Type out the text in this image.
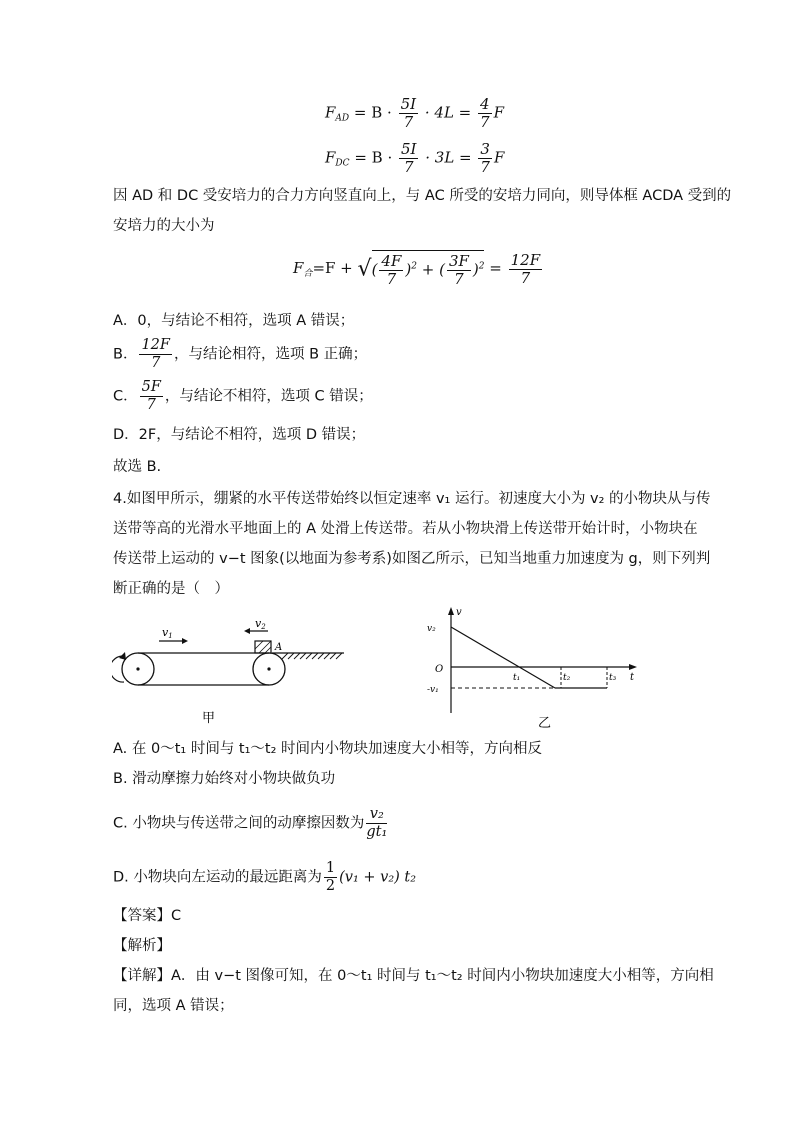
$F_{AD} = B \cdot \frac{5I}{7} \cdot 4L = \frac{4}{7}$ F
$F_{DC} = B \cdot \frac{5I}{7} \cdot 3L = \frac{3}{7}$ F
因 AD 和 DC 受安培力的合力方向竖直向上，与 AC 所受的安培力同向，则导体框 ACDA 受到的
安培力的大小为
$F_合=F$ + √( $\frac{4F}{7} )^2$ + ( $\frac{3F}{7} )^2 = \frac{12F}{7}$
A．0，与结论不相符，选项 A 错误；
B． $\frac{12F}{7}$ ，与结论相符，选项 B 正确；
C． $\frac{5F}{7}$ ，与结论不相符，选项 C 错误；
D．2F，与结论不相符，选项 D 错误；
故选 B.
4.如图甲所示，绷紧的水平传送带始终以恒定速率 v₁ 运行。初速度大小为 v₂ 的小物块从与传
送带等高的光滑水平地面上的 A 处滑上传送带。若从小物块滑上传送带开始计时，小物块在
传送带上运动的 v−t 图象(以地面为参考系)如图乙所示，已知当地重力加速度为 g，则下列判
断正确的是（　）
v1
v2
A
甲
v
t
O
v₂
-v₁
t₁	t₂	t₃
乙
A. 在 0～t₁ 时间与 t₁～t₂ 时间内小物块加速度大小相等，方向相反
B. 滑动摩擦力始终对小物块做负功
C. 小物块与传送带之间的动摩擦因数为 $\frac{\text{v₂}}{\text{gt₁}}$
D. 小物块向左运动的最远距离为 $\frac{1}{2} (v_1 + v_2)$ t₂
【答案】C
【解析】
【详解】A．由 v−t 图像可知，在 0～t₁ 时间与 t₁～t₂ 时间内小物块加速度大小相等，方向相
同，选项 A 错误；
